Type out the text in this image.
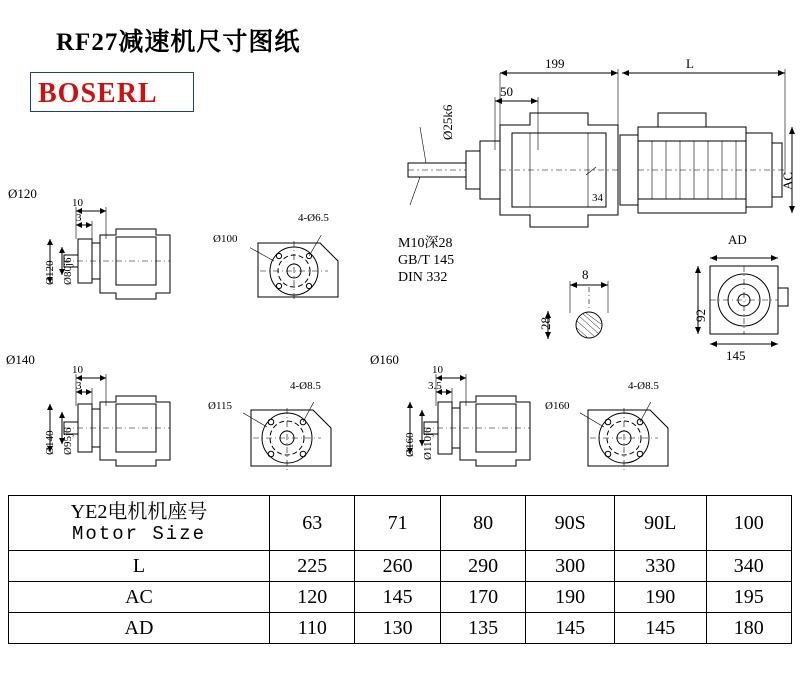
RF27减速机尺寸图纸
BOSERL
199	L
50
Ø25k6
34
AC
M10深28
GB/T 145
DIN 332	8
28
AD
92
145
Ø120
10
3
Ø120 Ø80j6
4-Ø6.5
Ø100
Ø140
10
3
Ø140 Ø95j6
4-Ø8.5
Ø115
Ø160
10
3.5
Ø160 Ø110j6
4-Ø8.5
Ø160
YE2电机机座号
Motor Size	63	71	80	90S	90L	100
L	225	260	290	300	330	340
AC	120	145	170	190	190	195
AD	110	130	135	145	145	180
